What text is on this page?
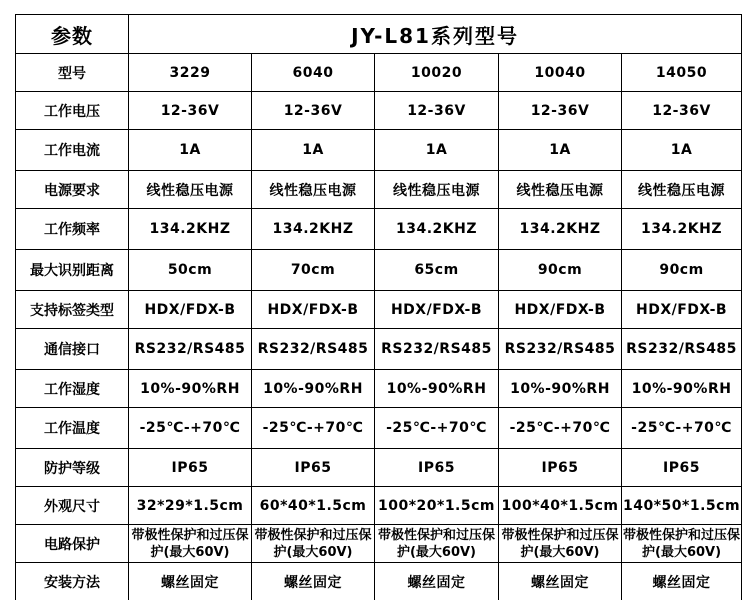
参数	JY-L81系列型号				
型号	3229	6040	10020	10040	14050
工作电压	12-36V	12-36V	12-36V	12-36V	12-36V
工作电流	1A	1A	1A	1A	1A
电源要求	线性稳压电源	线性稳压电源	线性稳压电源	线性稳压电源	线性稳压电源
工作频率	134.2KHZ	134.2KHZ	134.2KHZ	134.2KHZ	134.2KHZ
最大识别距离	50cm	70cm	65cm	90cm	90cm
支持标签类型	HDX/FDX-B	HDX/FDX-B	HDX/FDX-B	HDX/FDX-B	HDX/FDX-B
通信接口	RS232/RS485	RS232/RS485	RS232/RS485	RS232/RS485	RS232/RS485
工作湿度	10%-90%RH	10%-90%RH	10%-90%RH	10%-90%RH	10%-90%RH
工作温度	-25℃-+70℃	-25℃-+70℃	-25℃-+70℃	-25℃-+70℃	-25℃-+70℃
防护等级	IP65	IP65	IP65	IP65	IP65
外观尺寸	32*29*1.5cm	60*40*1.5cm	100*20*1.5cm	100*40*1.5cm	140*50*1.5cm
电路保护	带极性保护和过压保护(最大60V)	带极性保护和过压保护(最大60V)	带极性保护和过压保护(最大60V)	带极性保护和过压保护(最大60V)	带极性保护和过压保护(最大60V)
安装方法	螺丝固定	螺丝固定	螺丝固定	螺丝固定	螺丝固定
